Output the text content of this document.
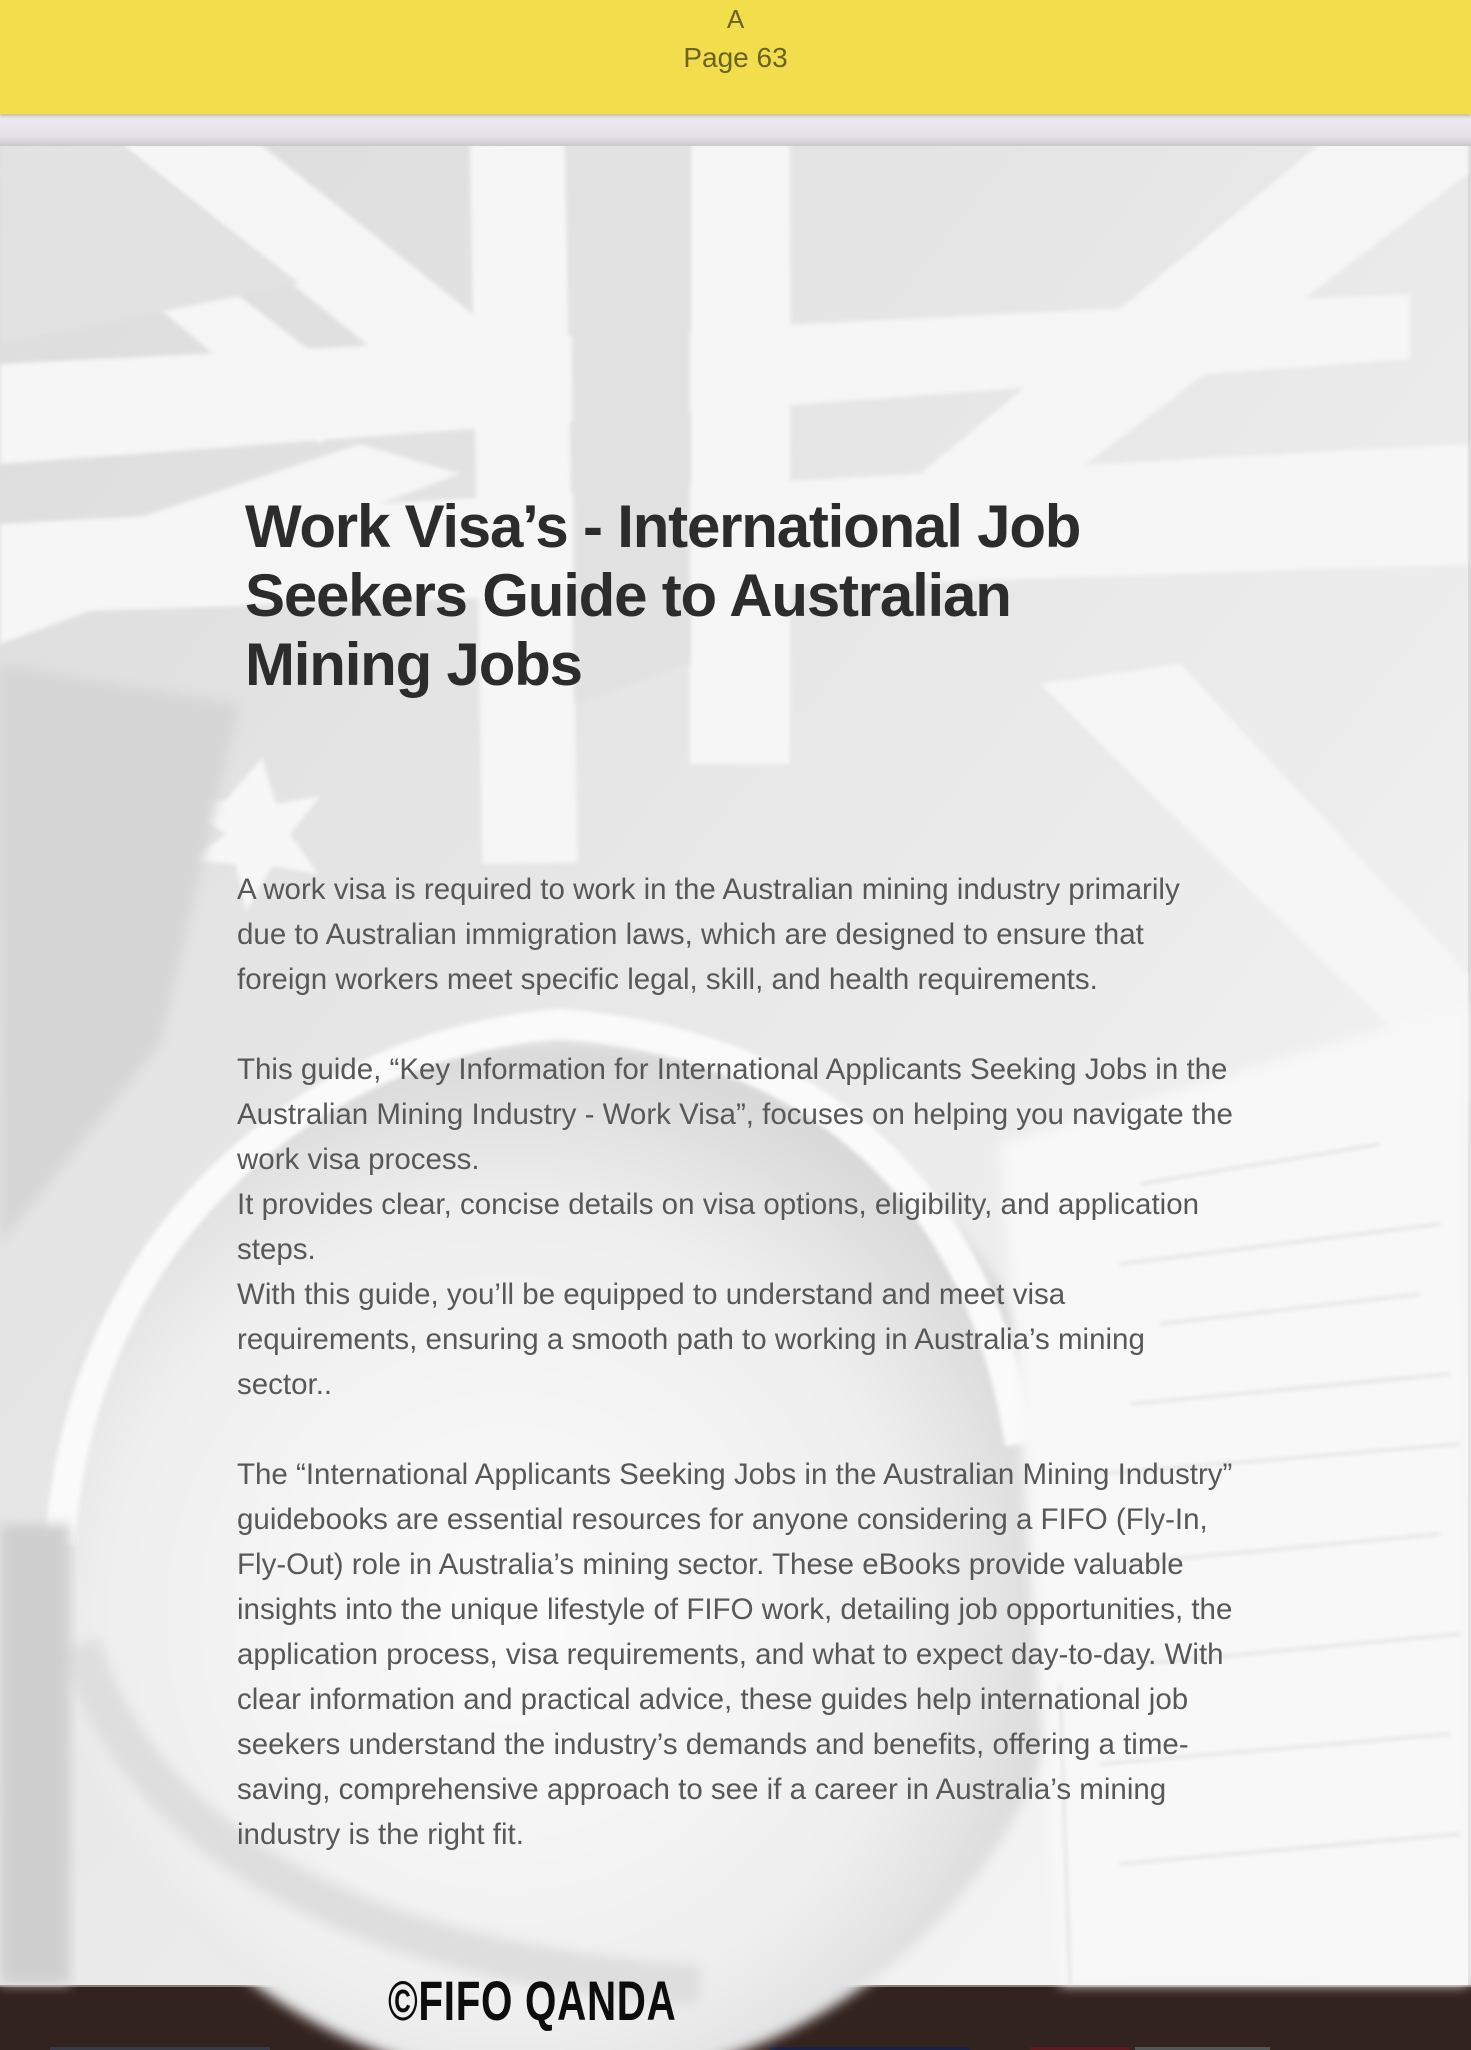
A
Page 63
Work Visa’s - International Job Seekers Guide to Australian Mining Jobs

A work visa is required to work in the Australian mining industry primarily due to Australian immigration laws, which are designed to ensure that foreign workers meet specific legal, skill, and health requirements.

This guide, “Key Information for International Applicants Seeking Jobs in the Australian Mining Industry - Work Visa”, focuses on helping you navigate the work visa process.

It provides clear, concise details on visa options, eligibility, and application steps.

With this guide, you’ll be equipped to understand and meet visa requirements, ensuring a smooth path to working in Australia’s mining sector..

The “International Applicants Seeking Jobs in the Australian Mining Industry” guidebooks are essential resources for anyone considering a FIFO (Fly-In, Fly-Out) role in Australia’s mining sector. These eBooks provide valuable insights into the unique lifestyle of FIFO work, detailing job opportunities, the application process, visa requirements, and what to expect day-to-day. With clear information and practical advice, these guides help international job seekers understand the industry’s demands and benefits, offering a time-saving, comprehensive approach to see if a career in Australia’s mining industry is the right fit.

©FIFO QANDA
